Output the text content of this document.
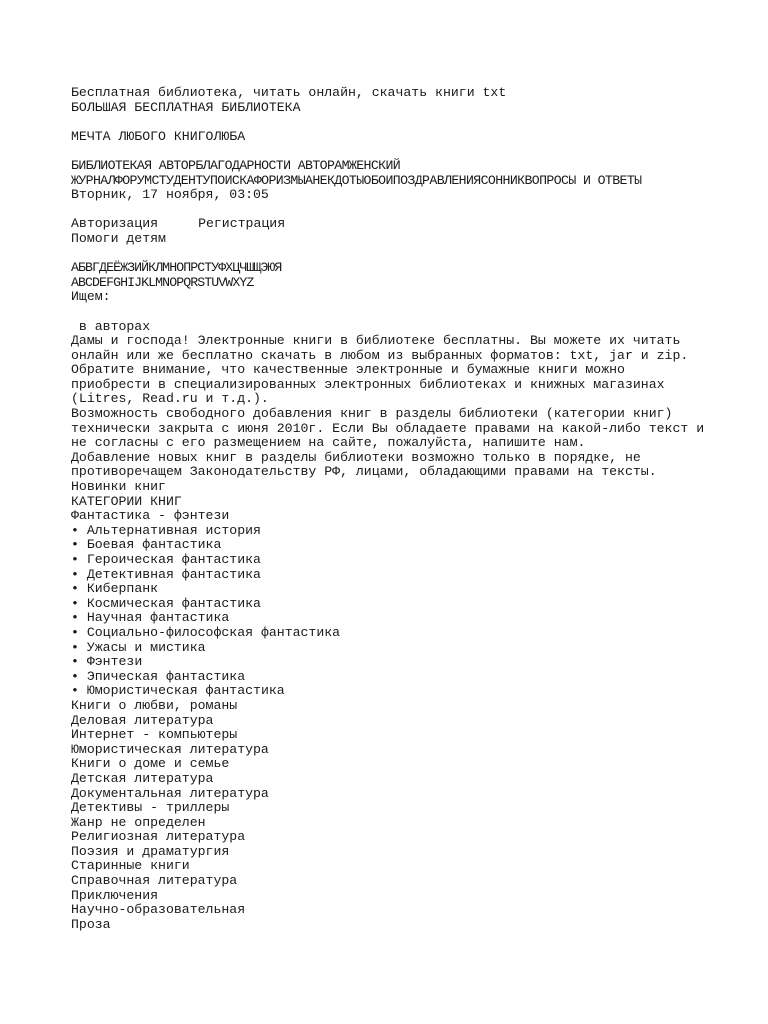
Бесплатная библиотека, читать онлайн, скачать книги txt
БОЛЬШАЯ БЕСПЛАТНАЯ БИБЛИОТЕКА
МЕЧТА ЛЮБОГО КНИГОЛЮБА
БИБЛИОТЕКАЯ АВТОРБЛАГОДАРНОСТИ АВТОРАМЖЕНСКИЙ
ЖУРНАЛФОРУМСТУДЕНТУПОИСКАФОРИЗМЫАНЕКДОТЫОБОИПОЗДРАВЛЕНИЯСОННИКВОПРОСЫ И ОТВЕТЫ
Вторник, 17 ноября, 03:05
Авторизация	Регистрация
Помоги детям
АБВГДЕЁЖЗИЙКЛМНОПРСТУФХЦЧШЩЭЮЯ
ABCDEFGHIJKLMNOPQRSTUVWXYZ
Ищем:
в авторах
Дамы и господа! Электронные книги в библиотеке бесплатны. Вы можете их читать онлайн или же бесплатно скачать в любом из выбранных форматов: txt, jar и zip. Обратите внимание, что качественные электронные и бумажные книги можно приобрести в специализированных электронных библиотеках и книжных магазинах (Litres, Read.ru и т.д.).
Возможность свободного добавления книг в разделы библиотеки (категории книг) технически закрыта с июня 2010г. Если Вы обладаете правами на какой-либо текст и не согласны с его размещением на сайте, пожалуйста, напишите нам.
Добавление новых книг в разделы библиотеки возможно только в порядке, не противоречащем Законодательству РФ, лицами, обладающими правами на тексты.
Новинки книг
КАТЕГОРИИ КНИГ
Фантастика - фэнтези
• Альтернативная история
• Боевая фантастика
• Героическая фантастика
• Детективная фантастика
• Киберпанк
• Космическая фантастика
• Научная фантастика
• Социально-философская фантастика
• Ужасы и мистика
• Фэнтези
• Эпическая фантастика
• Юмористическая фантастика
Книги о любви, романы
Деловая литература
Интернет - компьютеры
Юмористическая литература
Книги о доме и семье
Детская литература
Документальная литература
Детективы - триллеры
Жанр не определен
Религиозная литература
Поэзия и драматургия
Старинные книги
Справочная литература
Приключения
Научно-образовательная
Проза
